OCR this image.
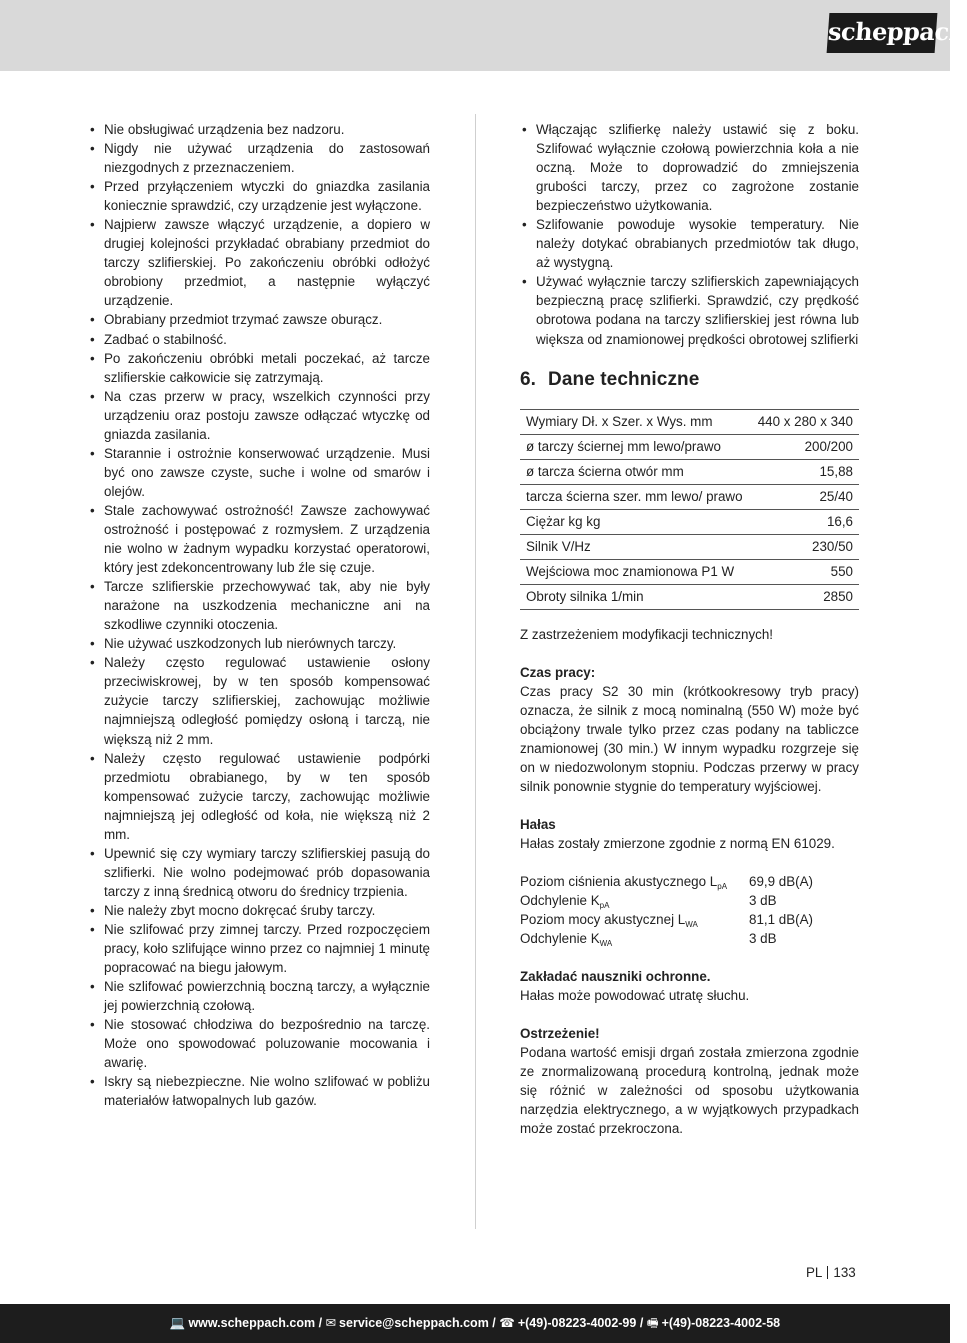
scheppach
• Nie obsługiwać urządzenia bez nadzoru.
• Nigdy nie używać urządzenia do zastosowań niezgodnych z przeznaczeniem.
• Przed przyłączeniem wtyczki do gniazdka zasilania koniecznie sprawdzić, czy urządzenie jest wyłączone.
• Najpierw zawsze włączyć urządzenie, a dopiero w drugiej kolejności przykładać obrabiany przedmiot do tarczy szlifierskiej. Po zakończeniu obróbki odłożyć obrobiony przedmiot, a następnie wyłączyć urządzenie.
• Obrabiany przedmiot trzymać zawsze oburącz.
• Zadbać o stabilność.
• Po zakończeniu obróbki metali poczekać, aż tarcze szlifierskie całkowicie się zatrzymają.
• Na czas przerw w pracy, wszelkich czynności przy urządzeniu oraz postoju zawsze odłączać wtyczkę od gniazda zasilania.
• Starannie i ostrożnie konserwować urządzenie. Musi być ono zawsze czyste, suche i wolne od smarów i olejów.
• Stale zachowywać ostrożność! Zawsze zachowywać ostrożność i postępować z rozmysłem. Z urządzenia nie wolno w żadnym wypadku korzystać operatorowi, który jest zdekoncentrowany lub źle się czuje.
• Tarcze szlifierskie przechowywać tak, aby nie były narażone na uszkodzenia mechaniczne ani na szkodliwe czynniki otoczenia.
• Nie używać uszkodzonych lub nierównych tarczy.
• Należy często regulować ustawienie osłony przeciwiskrowej, by w ten sposób kompensować zużycie tarczy szlifierskiej, zachowując możliwie najmniejszą odległość pomiędzy osłoną i tarczą, nie większą niż 2 mm.
• Należy często regulować ustawienie podpórki przedmiotu obrabianego, by w ten sposób kompensować zużycie tarczy, zachowując możliwie najmniejszą jej odległość od koła, nie większą niż 2 mm.
• Upewnić się czy wymiary tarczy szlifierskiej pasują do szlifierki. Nie wolno podejmować prób dopasowania tarczy z inną średnicą otworu do średnicy trzpienia.
• Nie należy zbyt mocno dokręcać śruby tarczy.
• Nie szlifować przy zimnej tarczy. Przed rozpoczęciem pracy, koło szlifujące winno przez co najmniej 1 minutę popracować na biegu jałowym.
• Nie szlifować powierzchnią boczną tarczy, a wyłącznie jej powierzchnią czołową.
• Nie stosować chłodziwa do bezpośrednio na tarczę. Może ono spowodować poluzowanie mocowania i awarię.
• Iskry są niebezpieczne. Nie wolno szlifować w pobliżu materiałów łatwopalnych lub gazów.
• Włączając szlifierkę należy ustawić się z boku. Szlifować wyłącznie czołową powierzchnia koła a nie oczną. Może to doprowadzić do zmniejszenia grubości tarczy, przez co zagrożone zostanie bezpieczeństwo użytkowania.
• Szlifowanie powoduje wysokie temperatury. Nie należy dotykać obrabianych przedmiotów tak długo, aż wystygną.
• Używać wyłącznie tarczy szlifierskich zapewniających bezpieczną pracę szlifierki. Sprawdzić, czy prędkość obrotowa podana na tarczy szlifierskiej jest równa lub większa od znamionowej prędkości obrotowej szlifierki
6. Dane techniczne
Wymiary Dł. x Szer. x Wys. mm	440 x 280 x 340
ø tarczy ściernej mm lewo/prawo	200/200
ø tarcza ścierna otwór mm	15,88
tarcza ścierna szer. mm lewo/ prawo	25/40
Ciężar kg kg	16,6
Silnik V/Hz	230/50
Wejściowa moc znamionowa P1 W	550
Obroty silnika 1/min	2850

Z zastrzeżeniem modyfikacji technicznych!

Czas pracy:

Czas pracy S2 30 min (krótkookresowy tryb pracy) oznacza, że silnik z mocą nominalną (550 W) może być obciążony trwale tylko przez czas podany na tabliczce znamionowej (30 min.) W innym wypadku rozgrzeje się on w niedozwolonym stopniu. Podczas przerwy w pracy silnik ponownie stygnie do temperatury wyjściowej.

Hałas

Hałas zostały zmierzone zgodnie z normą EN 61029.

Poziom ciśnienia akustycznego $L_{pA}$	69,9 dB(A)
Odchylenie $K_{pA}$	3 dB
Poziom mocy akustycznej $L_{WA}$	81,1 dB(A)
Odchylenie $K_{WA}$	3 dB

Zakładać nauszniki ochronne.

Hałas może powodować utratę słuchu.

Ostrzeżenie!

Podana wartość emisji drgań została zmierzona zgodnie ze znormalizowaną procedurą kontrolną, jednak może się różnić w zależności od sposobu użytkowania narzędzia elektrycznego, a w wyjątkowych przypadkach może zostać przekroczona.

PL 133
💻 www.scheppach.com / ✉ service@scheppach.com / ☎ +(49)-08223-4002-99 / 🖷 +(49)-08223-4002-58
